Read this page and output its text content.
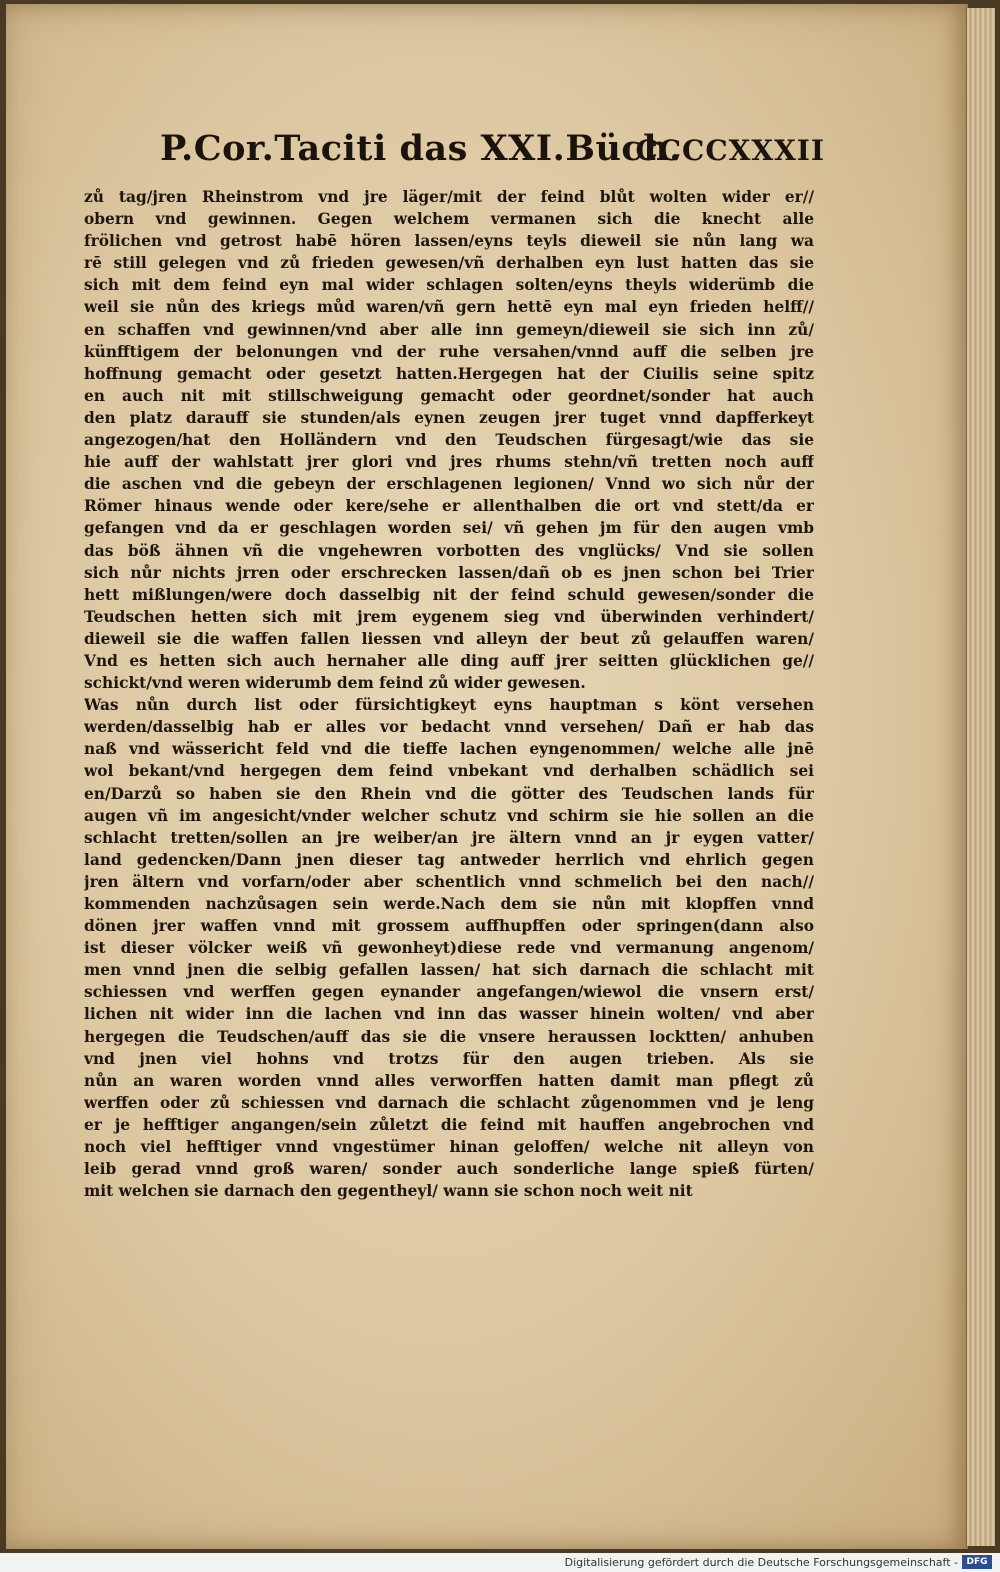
P.Cor.Taciti das XXI.Büch.
CCCCXXXII
zů tag/jren Rheinstrom vnd jre läger/mit der feind blůt wolten wider er//
obern vnd gewinnen. Gegen welchem vermanen sich die knecht alle
frölichen vnd getrost habē hören lassen/eyns teyls dieweil sie nůn lang wa
rē still gelegen vnd zů frieden gewesen/vñ derhalben eyn lust hatten das sie
sich mit dem feind eyn mal wider schlagen solten/eyns theyls widerümb die
weil sie nůn des kriegs můd waren/vñ gern hettē eyn mal eyn frieden helff//
en schaffen vnd gewinnen/vnd aber alle inn gemeyn/dieweil sie sich inn zů/
künfftigem der belonungen vnd der ruhe versahen/vnnd auff die selben jre
hoffnung gemacht oder gesetzt hatten.Hergegen hat der Ciuilis seine spitz
en auch nit mit stillschweigung gemacht oder geordnet/sonder hat auch
den platz darauff sie stunden/als eynen zeugen jrer tuget vnnd dapfferkeyt
angezogen/hat den Holländern vnd den Teudschen fürgesagt/wie das sie
hie auff der wahlstatt jrer glori vnd jres rhums stehn/vñ tretten noch auff
die aschen vnd die gebeyn der erschlagenen legionen/ Vnnd wo sich nůr der
Römer hinaus wende oder kere/sehe er allenthalben die ort vnd stett/da er
gefangen vnd da er geschlagen worden sei/ vñ gehen jm für den augen vmb
das böß ähnen vñ die vngehewren vorbotten des vnglücks/ Vnd sie sollen
sich nůr nichts jrren oder erschrecken lassen/dañ ob es jnen schon bei Trier
hett mißlungen/were doch dasselbig nit der feind schuld gewesen/sonder die
Teudschen hetten sich mit jrem eygenem sieg vnd überwinden verhindert/
dieweil sie die waffen fallen liessen vnd alleyn der beut zů gelauffen waren/
Vnd es hetten sich auch hernaher alle ding auff jrer seitten glücklichen ge//
schickt/vnd weren widerumb dem feind zů wider gewesen.
Was nůn durch list oder fürsichtigkeyt eyns hauptman s könt versehen
werden/dasselbig hab er alles vor bedacht vnnd versehen/ Dañ er hab das
naß vnd wässericht feld vnd die tieffe lachen eyngenommen/ welche alle jnē
wol bekant/vnd hergegen dem feind vnbekant vnd derhalben schädlich sei
en/Darzů so haben sie den Rhein vnd die götter des Teudschen lands für
augen vñ im angesicht/vnder welcher schutz vnd schirm sie hie sollen an die
schlacht tretten/sollen an jre weiber/an jre ältern vnnd an jr eygen vatter/
land gedencken/Dann jnen dieser tag antweder herrlich vnd ehrlich gegen
jren ältern vnd vorfarn/oder aber schentlich vnnd schmelich bei den nach//
kommenden nachzůsagen sein werde.Nach dem sie nůn mit klopffen vnnd
dönen jrer waffen vnnd mit grossem auffhupffen oder springen(dann also
ist dieser völcker weiß vñ gewonheyt)diese rede vnd vermanung angenom/
men vnnd jnen die selbig gefallen lassen/ hat sich darnach die schlacht mit
schiessen vnd werffen gegen eynander angefangen/wiewol die vnsern erst/
lichen nit wider inn die lachen vnd inn das wasser hinein wolten/ vnd aber
hergegen die Teudschen/auff das sie die vnsere heraussen locktten/ anhuben
vnd jnen viel hohns vnd trotzs für den augen trieben. Als sie
nůn an waren worden vnnd alles verworffen hatten damit man pflegt zů
werffen oder zů schiessen vnd darnach die schlacht zůgenommen vnd je leng
er je hefftiger angangen/sein zůletzt die feind mit hauffen angebrochen vnd
noch viel hefftiger vnnd vngestümer hinan geloffen/ welche nit alleyn von
leib gerad vnnd groß waren/ sonder auch sonderliche lange spieß fürten/
mit welchen sie darnach den gegentheyl/ wann sie schon noch weit nit
Digitalisierung gefördert durch die Deutsche Forschungsgemeinschaft - DFG
